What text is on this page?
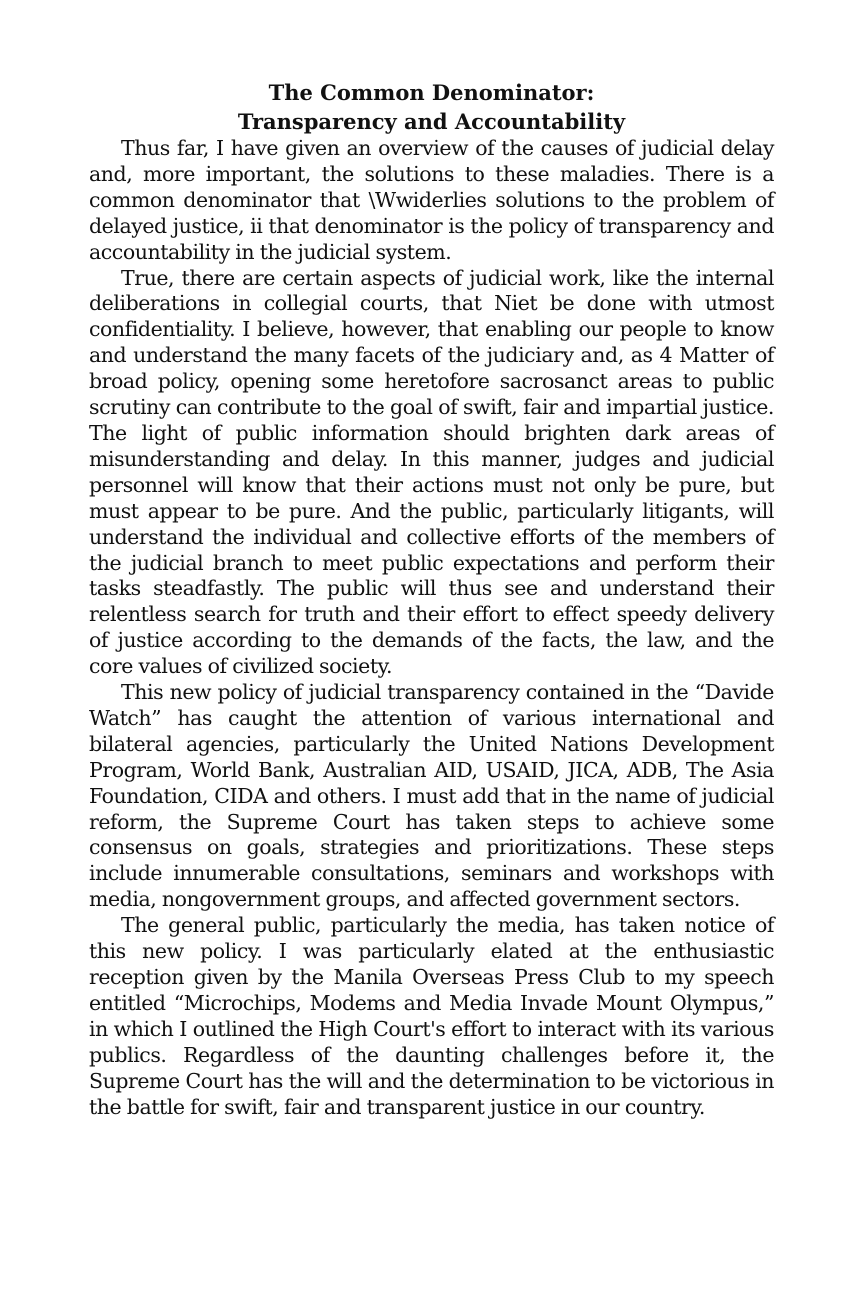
The Common Denominator:
Transparency and Accountability

Thus far, I have given an overview of the causes of judicial delay and, more important, the solutions to these maladies. There is a common denominator that \Wwiderlies solutions to the problem of delayed justice, ii that denominator is the policy of transparency and accountability in the judicial system.

True, there are certain aspects of judicial work, like the internal deliberations in collegial courts, that Niet be done with utmost confidentiality. I believe, however, that enabling our people to know and understand the many facets of the judiciary and, as 4 Matter of broad policy, opening some heretofore sacrosanct areas to public scrutiny can contribute to the goal of swift, fair and impartial justice. The light of public information should brighten dark areas of misunderstanding and delay. In this manner, judges and judicial personnel will know that their actions must not only be pure, but must appear to be pure. And the public, particularly litigants, will understand the individual and collective efforts of the members of the judicial branch to meet public expectations and perform their tasks steadfastly. The public will thus see and understand their relentless search for truth and their effort to effect speedy delivery of justice according to the demands of the facts, the law, and the core values of civilized society.

This new policy of judicial transparency contained in the “Davide Watch” has caught the attention of various international and bilateral agencies, particularly the United Nations Development Program, World Bank, Australian AID, USAID, JICA, ADB, The Asia Foundation, CIDA and others. I must add that in the name of judicial reform, the Supreme Court has taken steps to achieve some consensus on goals, strategies and prioritizations. These steps include innumerable consultations, seminars and workshops with media, nongovernment groups, and affected government sectors.

The general public, particularly the media, has taken notice of this new policy. I was particularly elated at the enthusiastic reception given by the Manila Overseas Press Club to my speech entitled “Microchips, Modems and Media Invade Mount Olympus,” in which I outlined the High Court's effort to interact with its various publics. Regardless of the daunting challenges before it, the Supreme Court has the will and the determination to be victorious in the battle for swift, fair and transparent justice in our country.
